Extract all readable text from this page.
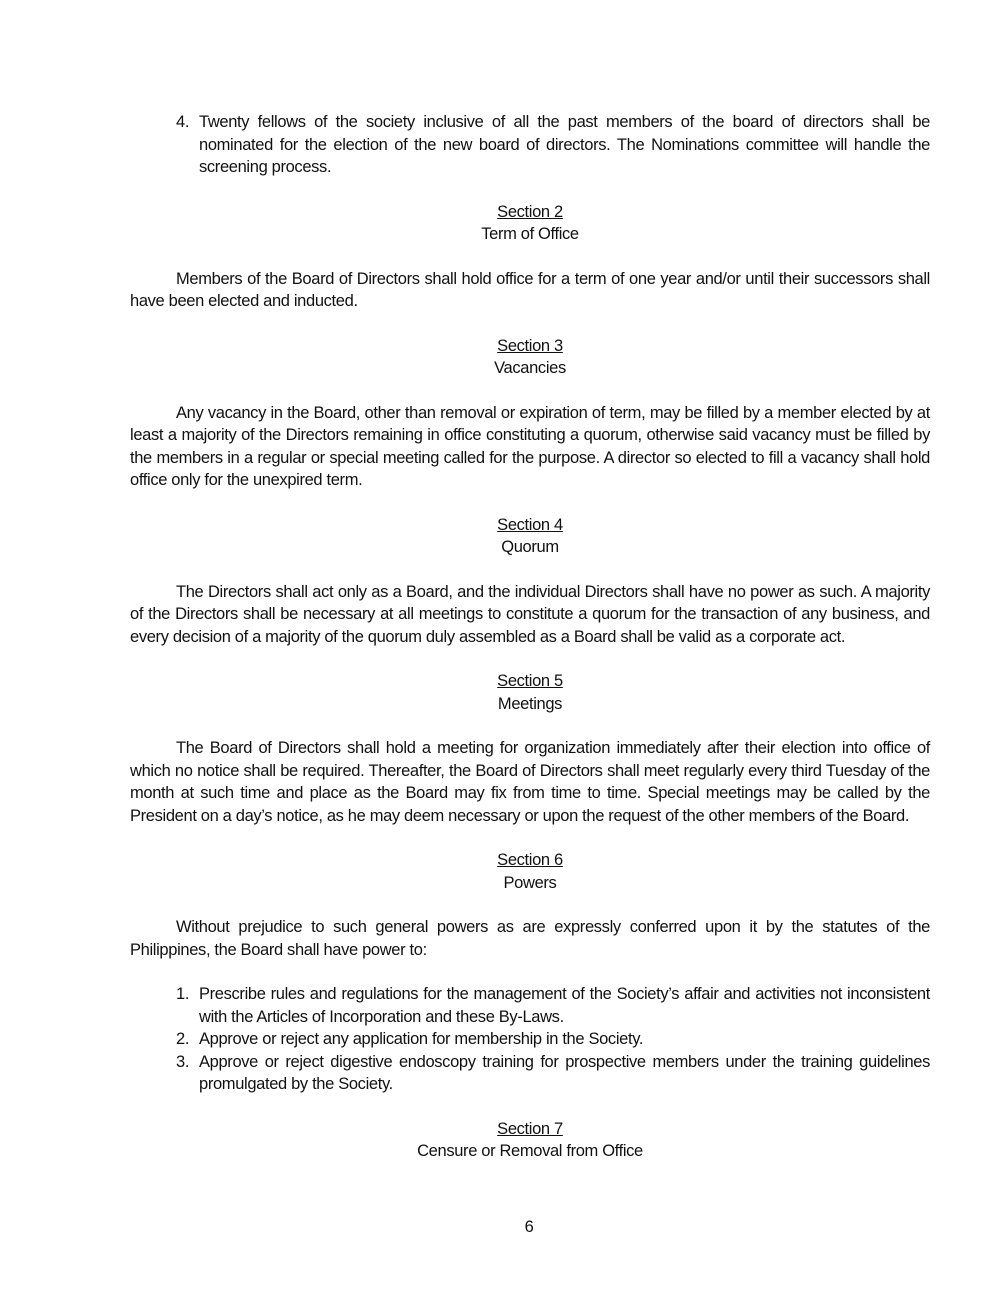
4. Twenty fellows of the society inclusive of all the past members of the board of directors shall be nominated for the election of the new board of directors. The Nominations committee will handle the screening process.
Section 2
Term of Office

Members of the Board of Directors shall hold office for a term of one year and/or until their successors shall have been elected and inducted.

Section 3
Vacancies

Any vacancy in the Board, other than removal or expiration of term, may be filled by a member elected by at least a majority of the Directors remaining in office constituting a quorum, otherwise said vacancy must be filled by the members in a regular or special meeting called for the purpose. A director so elected to fill a vacancy shall hold office only for the unexpired term.

Section 4
Quorum

The Directors shall act only as a Board, and the individual Directors shall have no power as such. A majority of the Directors shall be necessary at all meetings to constitute a quorum for the transaction of any business, and every decision of a majority of the quorum duly assembled as a Board shall be valid as a corporate act.

Section 5
Meetings

The Board of Directors shall hold a meeting for organization immediately after their election into office of which no notice shall be required. Thereafter, the Board of Directors shall meet regularly every third Tuesday of the month at such time and place as the Board may fix from time to time. Special meetings may be called by the President on a day’s notice, as he may deem necessary or upon the request of the other members of the Board.

Section 6
Powers

Without prejudice to such general powers as are expressly conferred upon it by the statutes of the Philippines, the Board shall have power to:

1. Prescribe rules and regulations for the management of the Society’s affair and activities not inconsistent with the Articles of Incorporation and these By-Laws.
2. Approve or reject any application for membership in the Society.
3. Approve or reject digestive endoscopy training for prospective members under the training guidelines promulgated by the Society.
Section 7
Censure or Removal from Office
6
